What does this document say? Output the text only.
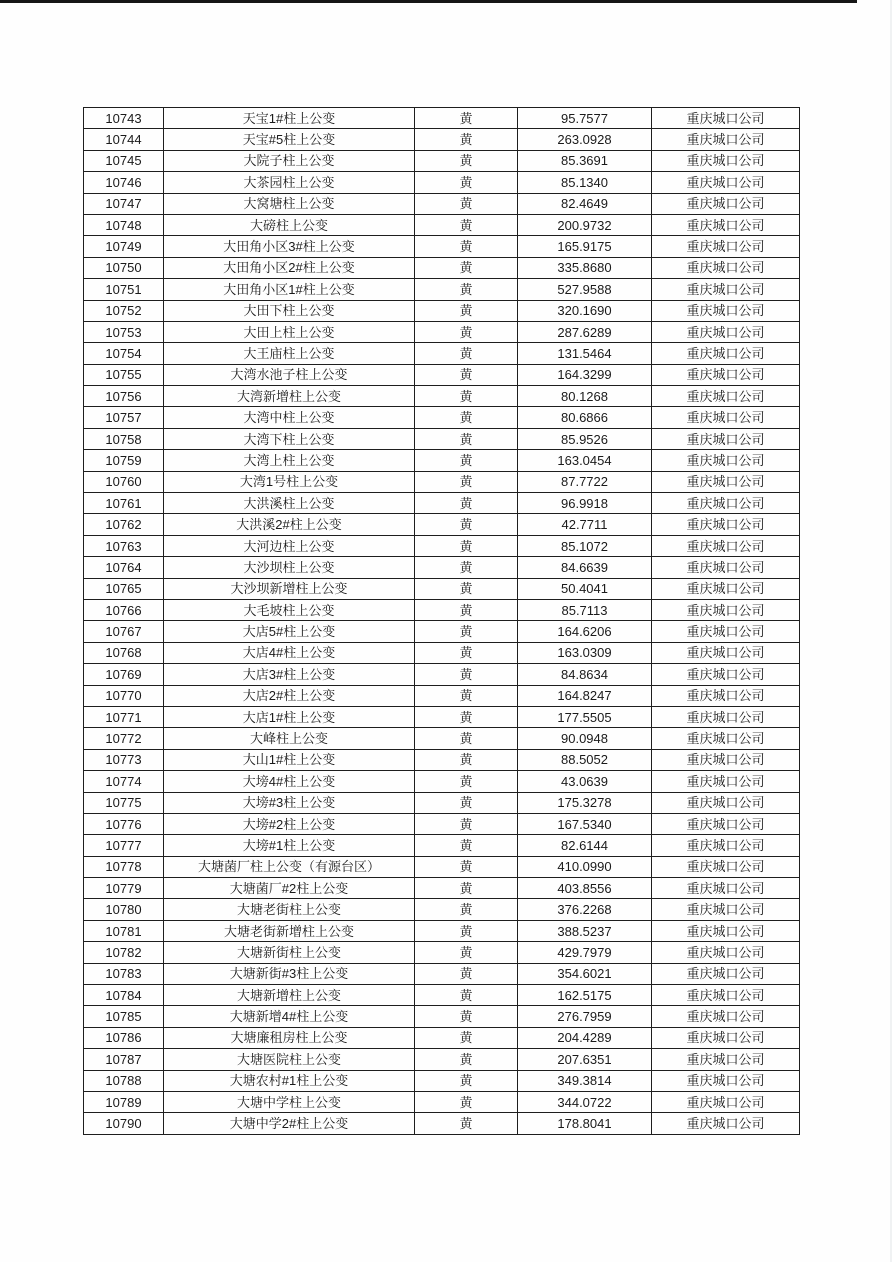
10743	天宝1#柱上公变	黄	95.7577	重庆城口公司
10744	天宝#5柱上公变	黄	263.0928	重庆城口公司
10745	大院子柱上公变	黄	85.3691	重庆城口公司
10746	大茶园柱上公变	黄	85.1340	重庆城口公司
10747	大窝塘柱上公变	黄	82.4649	重庆城口公司
10748	大磅柱上公变	黄	200.9732	重庆城口公司
10749	大田角小区3#柱上公变	黄	165.9175	重庆城口公司
10750	大田角小区2#柱上公变	黄	335.8680	重庆城口公司
10751	大田角小区1#柱上公变	黄	527.9588	重庆城口公司
10752	大田下柱上公变	黄	320.1690	重庆城口公司
10753	大田上柱上公变	黄	287.6289	重庆城口公司
10754	大王庙柱上公变	黄	131.5464	重庆城口公司
10755	大湾水池子柱上公变	黄	164.3299	重庆城口公司
10756	大湾新增柱上公变	黄	80.1268	重庆城口公司
10757	大湾中柱上公变	黄	80.6866	重庆城口公司
10758	大湾下柱上公变	黄	85.9526	重庆城口公司
10759	大湾上柱上公变	黄	163.0454	重庆城口公司
10760	大湾1号柱上公变	黄	87.7722	重庆城口公司
10761	大洪溪柱上公变	黄	96.9918	重庆城口公司
10762	大洪溪2#柱上公变	黄	42.7711	重庆城口公司
10763	大河边柱上公变	黄	85.1072	重庆城口公司
10764	大沙坝柱上公变	黄	84.6639	重庆城口公司
10765	大沙坝新增柱上公变	黄	50.4041	重庆城口公司
10766	大毛坡柱上公变	黄	85.7113	重庆城口公司
10767	大店5#柱上公变	黄	164.6206	重庆城口公司
10768	大店4#柱上公变	黄	163.0309	重庆城口公司
10769	大店3#柱上公变	黄	84.8634	重庆城口公司
10770	大店2#柱上公变	黄	164.8247	重庆城口公司
10771	大店1#柱上公变	黄	177.5505	重庆城口公司
10772	大峰柱上公变	黄	90.0948	重庆城口公司
10773	大山1#柱上公变	黄	88.5052	重庆城口公司
10774	大塝4#柱上公变	黄	43.0639	重庆城口公司
10775	大塝#3柱上公变	黄	175.3278	重庆城口公司
10776	大塝#2柱上公变	黄	167.5340	重庆城口公司
10777	大塝#1柱上公变	黄	82.6144	重庆城口公司
10778	大塘菌厂柱上公变（有源台区）	黄	410.0990	重庆城口公司
10779	大塘菌厂#2柱上公变	黄	403.8556	重庆城口公司
10780	大塘老街柱上公变	黄	376.2268	重庆城口公司
10781	大塘老街新增柱上公变	黄	388.5237	重庆城口公司
10782	大塘新街柱上公变	黄	429.7979	重庆城口公司
10783	大塘新街#3柱上公变	黄	354.6021	重庆城口公司
10784	大塘新增柱上公变	黄	162.5175	重庆城口公司
10785	大塘新增4#柱上公变	黄	276.7959	重庆城口公司
10786	大塘廉租房柱上公变	黄	204.4289	重庆城口公司
10787	大塘医院柱上公变	黄	207.6351	重庆城口公司
10788	大塘农村#1柱上公变	黄	349.3814	重庆城口公司
10789	大塘中学柱上公变	黄	344.0722	重庆城口公司
10790	大塘中学2#柱上公变	黄	178.8041	重庆城口公司
